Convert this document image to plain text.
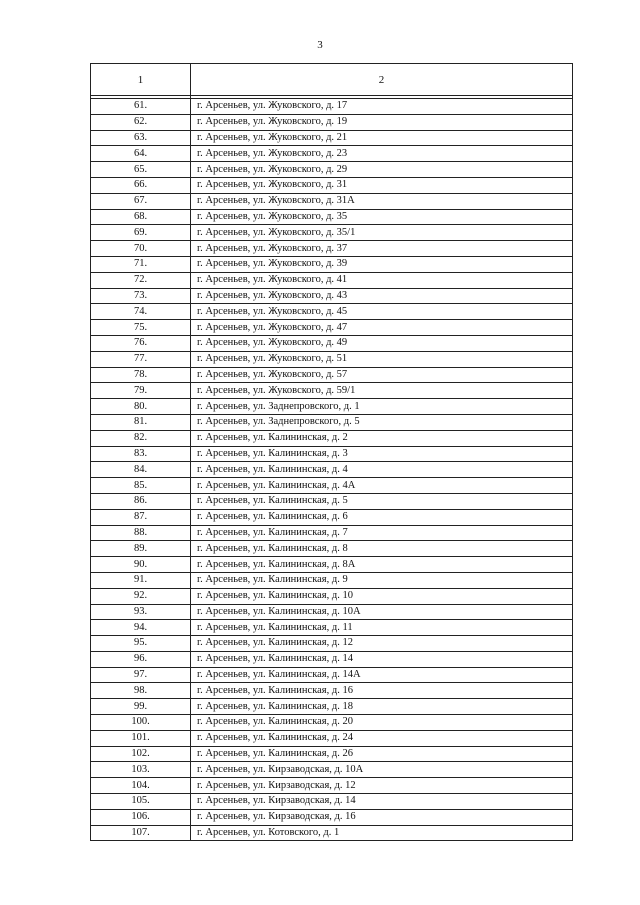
3
1	2

61.	г. Арсеньев, ул. Жуковского, д. 17
62.	г. Арсеньев, ул. Жуковского, д. 19
63.	г. Арсеньев, ул. Жуковского, д. 21
64.	г. Арсеньев, ул. Жуковского, д. 23
65.	г. Арсеньев, ул. Жуковского, д. 29
66.	г. Арсеньев, ул. Жуковского, д. 31
67.	г. Арсеньев, ул. Жуковского, д. 31А
68.	г. Арсеньев, ул. Жуковского, д. 35
69.	г. Арсеньев, ул. Жуковского, д. 35/1
70.	г. Арсеньев, ул. Жуковского, д. 37
71.	г. Арсеньев, ул. Жуковского, д. 39
72.	г. Арсеньев, ул. Жуковского, д. 41
73.	г. Арсеньев, ул. Жуковского, д. 43
74.	г. Арсеньев, ул. Жуковского, д. 45
75.	г. Арсеньев, ул. Жуковского, д. 47
76.	г. Арсеньев, ул. Жуковского, д. 49
77.	г. Арсеньев, ул. Жуковского, д. 51
78.	г. Арсеньев, ул. Жуковского, д. 57
79.	г. Арсеньев, ул. Жуковского, д. 59/1
80.	г. Арсеньев, ул. Заднепровского, д. 1
81.	г. Арсеньев, ул. Заднепровского, д. 5
82.	г. Арсеньев, ул. Калининская, д. 2
83.	г. Арсеньев, ул. Калининская, д. 3
84.	г. Арсеньев, ул. Калининская, д. 4
85.	г. Арсеньев, ул. Калининская, д. 4А
86.	г. Арсеньев, ул. Калининская, д. 5
87.	г. Арсеньев, ул. Калининская, д. 6
88.	г. Арсеньев, ул. Калининская, д. 7
89.	г. Арсеньев, ул. Калининская, д. 8
90.	г. Арсеньев, ул. Калининская, д. 8А
91.	г. Арсеньев, ул. Калининская, д. 9
92.	г. Арсеньев, ул. Калининская, д. 10
93.	г. Арсеньев, ул. Калининская, д. 10А
94.	г. Арсеньев, ул. Калининская, д. 11
95.	г. Арсеньев, ул. Калининская, д. 12
96.	г. Арсеньев, ул. Калининская, д. 14
97.	г. Арсеньев, ул. Калининская, д. 14А
98.	г. Арсеньев, ул. Калининская, д. 16
99.	г. Арсеньев, ул. Калининская, д. 18
100.	г. Арсеньев, ул. Калининская, д. 20
101.	г. Арсеньев, ул. Калининская, д. 24
102.	г. Арсеньев, ул. Калининская, д. 26
103.	г. Арсеньев, ул. Кирзаводская, д. 10А
104.	г. Арсеньев, ул. Кирзаводская, д. 12
105.	г. Арсеньев, ул. Кирзаводская, д. 14
106.	г. Арсеньев, ул. Кирзаводская, д. 16
107.	г. Арсеньев, ул. Котовского, д. 1
